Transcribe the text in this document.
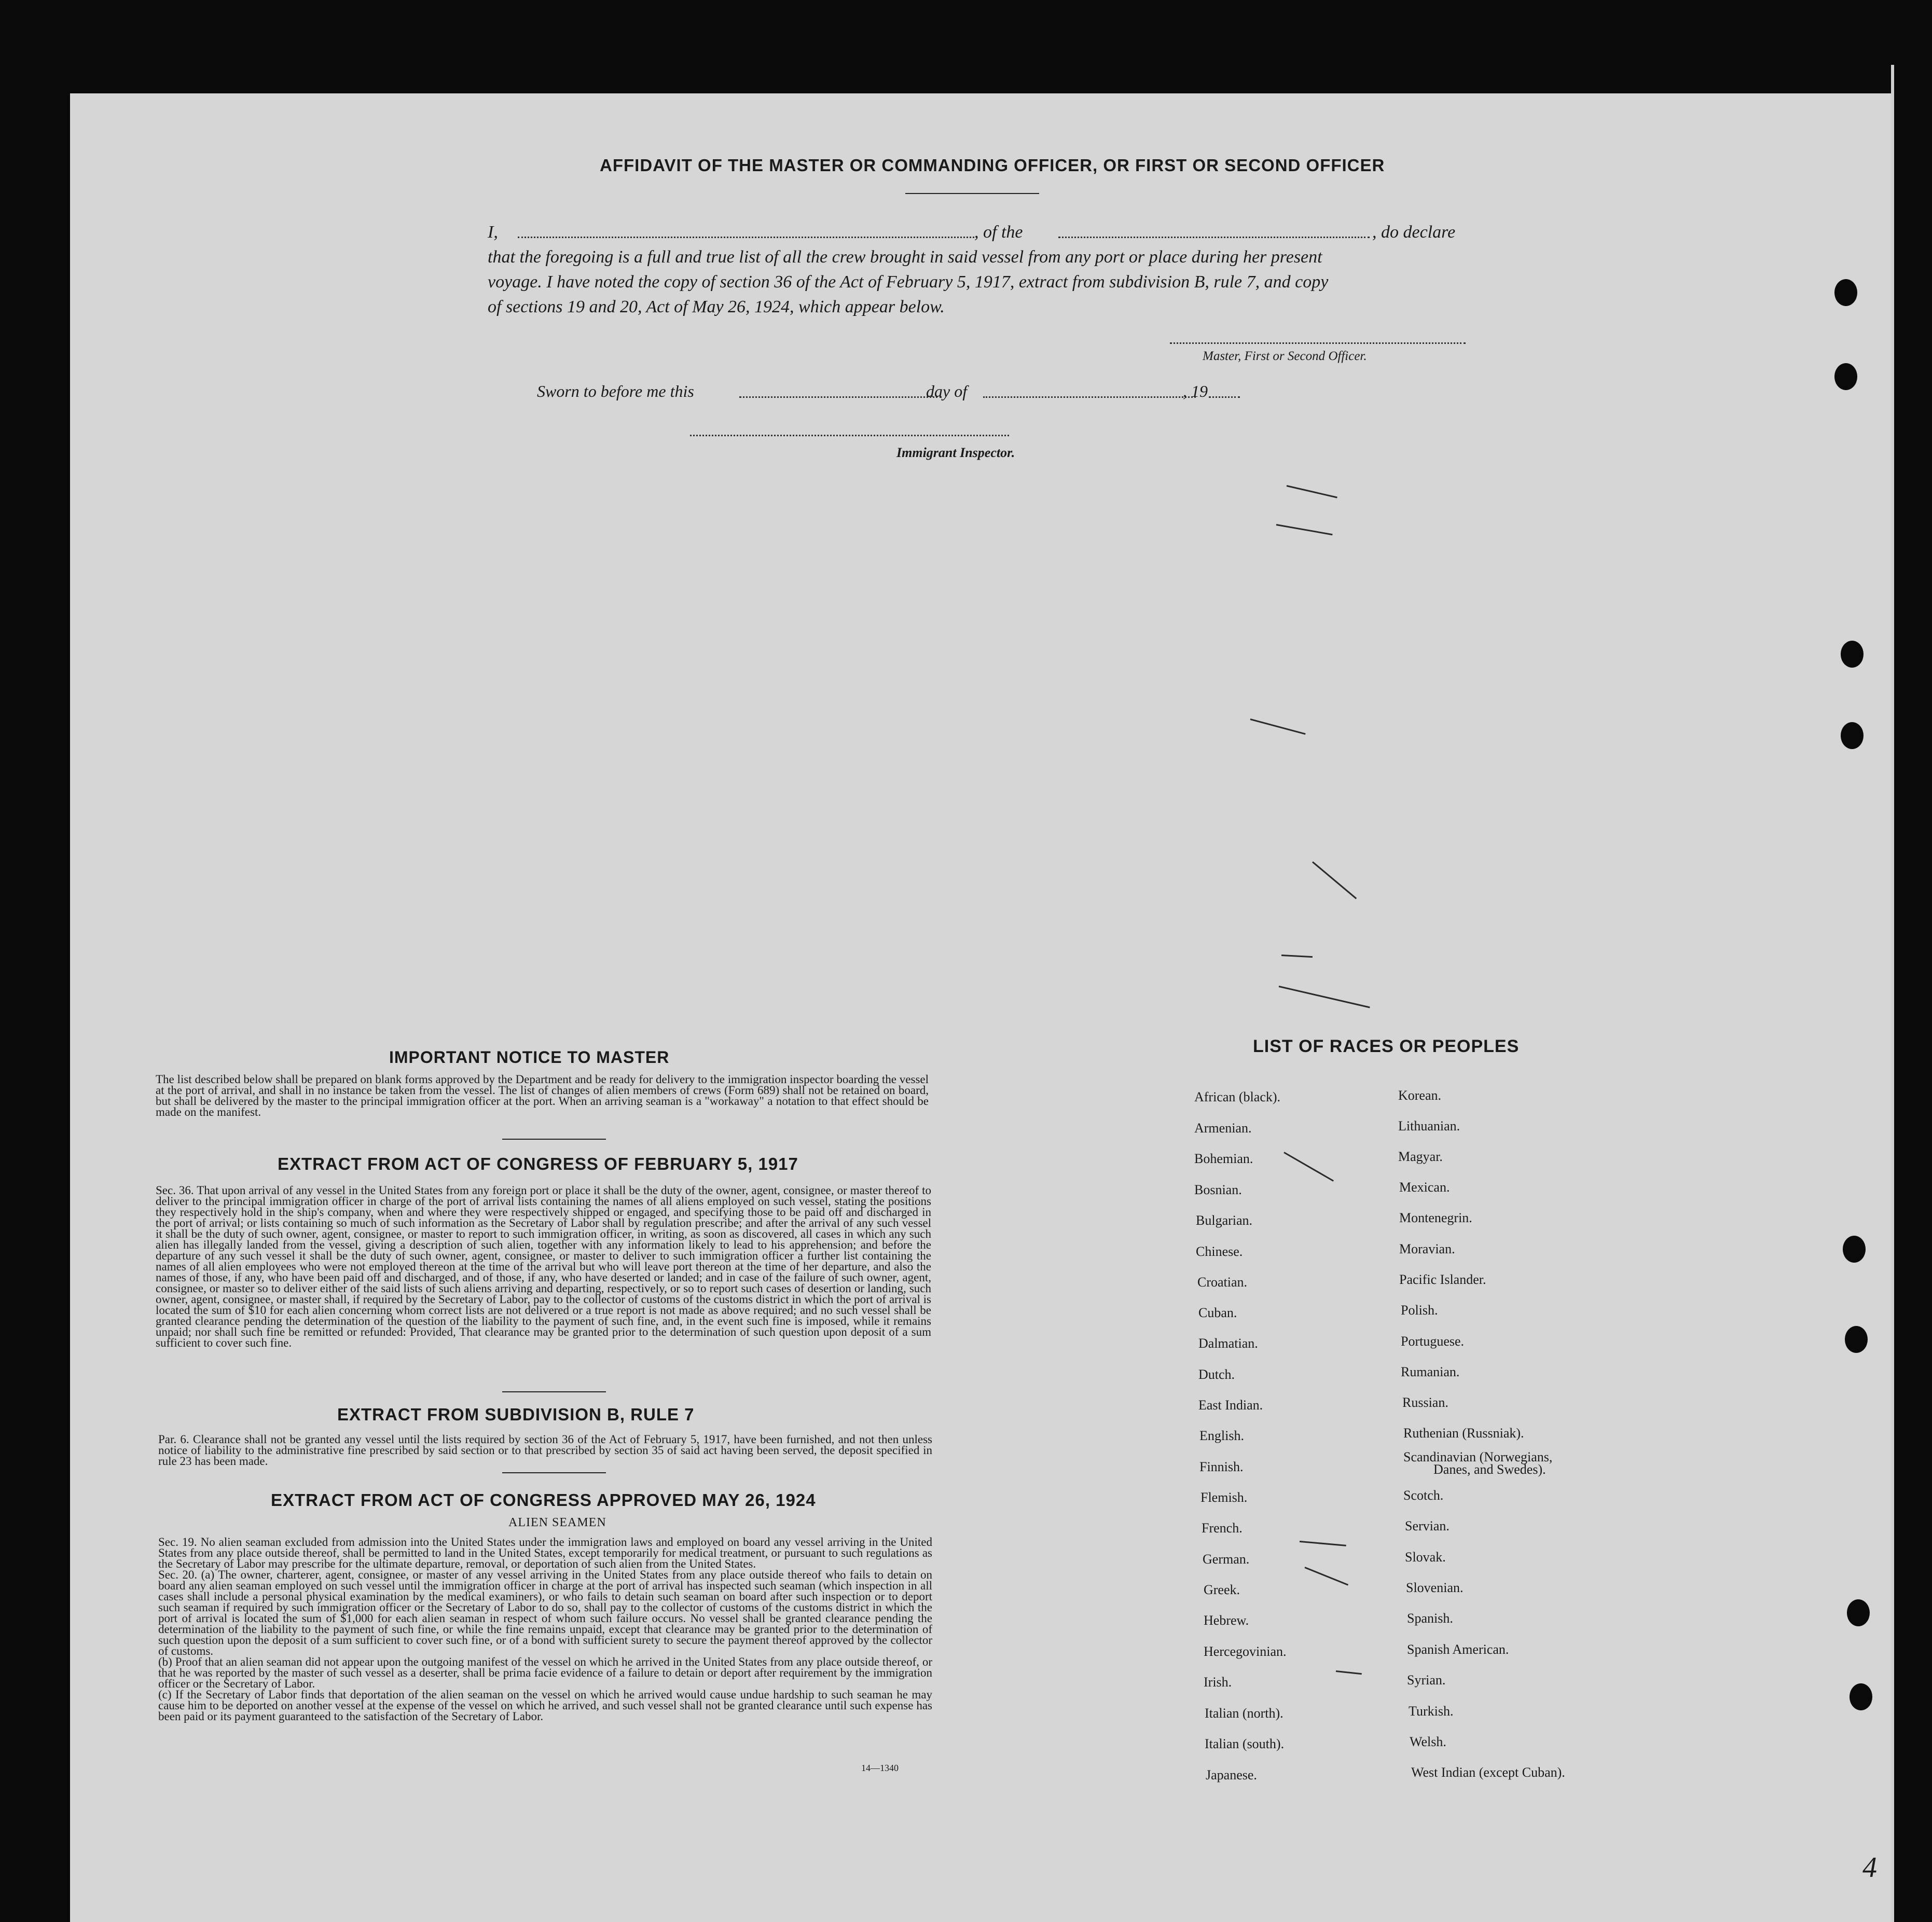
AFFIDAVIT OF THE MASTER OR COMMANDING OFFICER, OR FIRST OR SECOND OFFICER
I,	, of the	, do declare
that the foregoing is a full and true list of all the crew brought in said vessel from any port or place during her present
voyage. I have noted the copy of section 36 of the Act of February 5, 1917, extract from subdivision B, rule 7, and copy
of sections 19 and 20, Act of May 26, 1924, which appear below.
Master, First or Second Officer.
Sworn to before me this	day of	, 19
Immigrant Inspector.
IMPORTANT NOTICE TO MASTER
The list described below shall be prepared on blank forms approved by the Department and be ready for delivery to the immigration inspector boarding the vessel at the port of arrival, and shall in no instance be taken from the vessel. The list of changes of alien members of crews (Form 689) shall not be retained on board, but shall be delivered by the master to the principal immigration officer at the port. When an arriving seaman is a "workaway" a notation to that effect should be made on the manifest.
EXTRACT FROM ACT OF CONGRESS OF FEBRUARY 5, 1917
Sec. 36. That upon arrival of any vessel in the United States from any foreign port or place it shall be the duty of the owner, agent, consignee, or master thereof to deliver to the principal immigration officer in charge of the port of arrival lists containing the names of all aliens employed on such vessel, stating the positions they respectively hold in the ship's company, when and where they were respectively shipped or engaged, and specifying those to be paid off and discharged in the port of arrival; or lists containing so much of such information as the Secretary of Labor shall by regulation prescribe; and after the arrival of any such vessel it shall be the duty of such owner, agent, consignee, or master to report to such immigration officer, in writing, as soon as discovered, all cases in which any such alien has illegally landed from the vessel, giving a description of such alien, together with any information likely to lead to his apprehension; and before the departure of any such vessel it shall be the duty of such owner, agent, consignee, or master to deliver to such immigration officer a further list containing the names of all alien employees who were not employed thereon at the time of the arrival but who will leave port thereon at the time of her departure, and also the names of those, if any, who have been paid off and discharged, and of those, if any, who have deserted or landed; and in case of the failure of such owner, agent, consignee, or master so to deliver either of the said lists of such aliens arriving and departing, respectively, or so to report such cases of desertion or landing, such owner, agent, consignee, or master shall, if required by the Secretary of Labor, pay to the collector of customs of the customs district in which the port of arrival is located the sum of $10 for each alien concerning whom correct lists are not delivered or a true report is not made as above required; and no such vessel shall be granted clearance pending the determination of the question of the liability to the payment of such fine, and, in the event such fine is imposed, while it remains unpaid; nor shall such fine be remitted or refunded: Provided, That clearance may be granted prior to the determination of such question upon deposit of a sum sufficient to cover such fine.
EXTRACT FROM SUBDIVISION B, RULE 7
Par. 6. Clearance shall not be granted any vessel until the lists required by section 36 of the Act of February 5, 1917, have been furnished, and not then unless notice of liability to the administrative fine prescribed by said section or to that prescribed by section 35 of said act having been served, the deposit specified in rule 23 has been made.
EXTRACT FROM ACT OF CONGRESS APPROVED MAY 26, 1924
ALIEN SEAMEN
Sec. 19. No alien seaman excluded from admission into the United States under the immigration laws and employed on board any vessel arriving in the United States from any place outside thereof, shall be permitted to land in the United States, except temporarily for medical treatment, or pursuant to such regulations as the Secretary of Labor may prescribe for the ultimate departure, removal, or deportation of such alien from the United States.
Sec. 20. (a) The owner, charterer, agent, consignee, or master of any vessel arriving in the United States from any place outside thereof who fails to detain on board any alien seaman employed on such vessel until the immigration officer in charge at the port of arrival has inspected such seaman (which inspection in all cases shall include a personal physical examination by the medical examiners), or who fails to detain such seaman on board after such inspection or to deport such seaman if required by such immigration officer or the Secretary of Labor to do so, shall pay to the collector of customs of the customs district in which the port of arrival is located the sum of $1,000 for each alien seaman in respect of whom such failure occurs. No vessel shall be granted clearance pending the determination of the liability to the payment of such fine, or while the fine remains unpaid, except that clearance may be granted prior to the determination of such question upon the deposit of a sum sufficient to cover such fine, or of a bond with sufficient surety to secure the payment thereof approved by the collector of customs.
(b) Proof that an alien seaman did not appear upon the outgoing manifest of the vessel on which he arrived in the United States from any place outside thereof, or that he was reported by the master of such vessel as a deserter, shall be prima facie evidence of a failure to detain or deport after requirement by the immigration officer or the Secretary of Labor.
(c) If the Secretary of Labor finds that deportation of the alien seaman on the vessel on which he arrived would cause undue hardship to such seaman he may cause him to be deported on another vessel at the expense of the vessel on which he arrived, and such vessel shall not be granted clearance until such expense has been paid or its payment guaranteed to the satisfaction of the Secretary of Labor.
14—1340
LIST OF RACES OR PEOPLES
African (black).
Armenian.
Bohemian.
Bosnian.
Bulgarian.
Chinese.
Croatian.
Cuban.
Dalmatian.
Dutch.
East Indian.
English.
Finnish.
Flemish.
French.
German.
Greek.
Hebrew.
Hercegovinian.
Irish.
Italian (north).
Italian (south).
Japanese.
Korean.
Lithuanian.
Magyar.
Mexican.
Montenegrin.
Moravian.
Pacific Islander.
Polish.
Portuguese.
Rumanian.
Russian.
Ruthenian (Russniak).
Scandinavian (Norwegians,
Danes, and Swedes).
Scotch.
Servian.
Slovak.
Slovenian.
Spanish.
Spanish American.
Syrian.
Turkish.
Welsh.
West Indian (except Cuban).
4
